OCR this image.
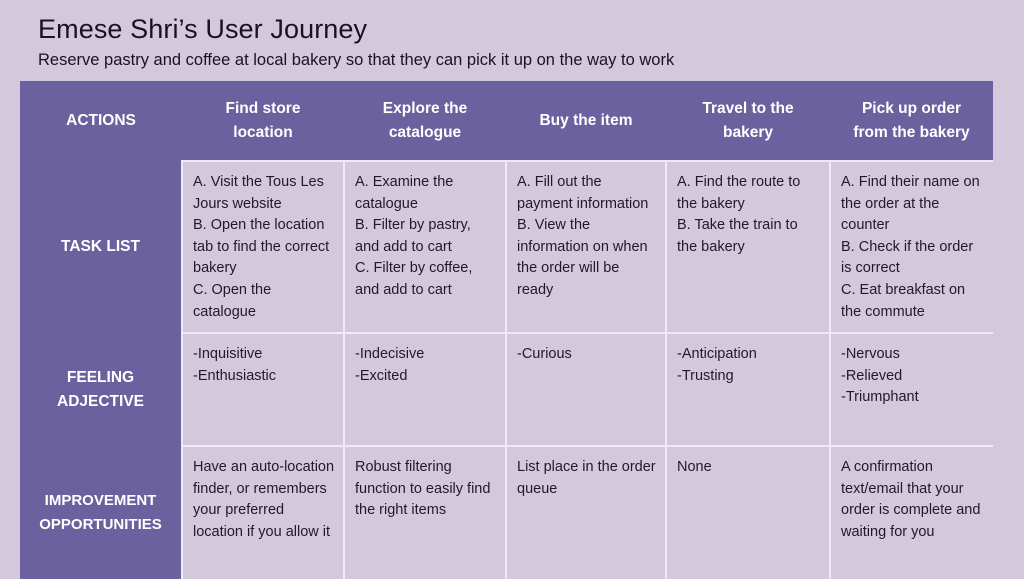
Emese Shri’s User Journey
Reserve pastry and coffee at local bakery so that they can pick it up on the way to work
ACTIONS	Find store location	Explore the catalogue	Buy the item	Travel to the bakery	Pick up order from the bakery

TASK LIST	A. Visit the Tous Les Jours website
B. Open the location tab to find the correct bakery
C. Open the catalogue	A. Examine the catalogue
B. Filter by pastry, and add to cart
C. Filter by coffee, and add to cart	A. Fill out the payment information
B. View the information on when the order will be ready	A. Find the route to the bakery
B. Take the train to the bakery	A. Find their name on the order at the counter
B. Check if the order is correct
C. Eat breakfast on the commute

FEELING ADJECTIVE	-Inquisitive
-Enthusiastic	-Indecisive
-Excited	-Curious	-Anticipation
-Trusting	-Nervous
-Relieved
-Triumphant

IMPROVEMENT OPPORTUNITIES	Have an auto-location finder, or remembers your preferred location if you allow it	Robust filtering function to easily find the right items	List place in the order queue	None	A confirmation text/email that your order is complete and waiting for you
